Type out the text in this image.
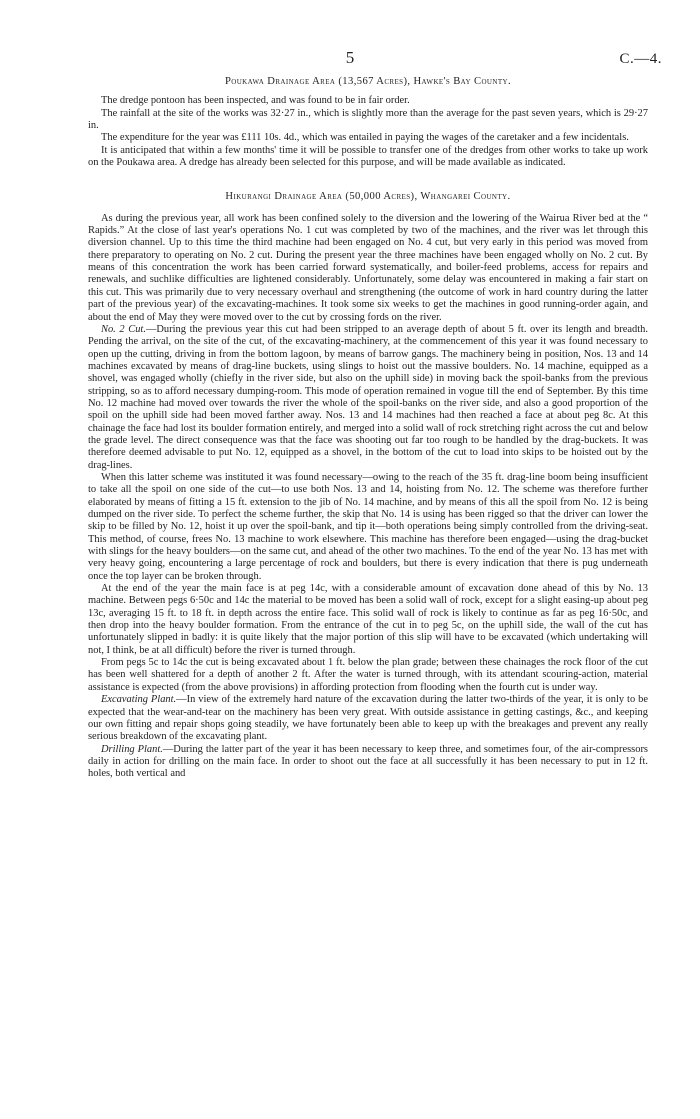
5	C.—4.
Poukawa Drainage Area (13,567 Acres), Hawke's Bay County.

The dredge pontoon has been inspected, and was found to be in fair order.

The rainfall at the site of the works was 32·27 in., which is slightly more than the average for the past seven years, which is 29·27 in.

The expenditure for the year was £111 10s. 4d., which was entailed in paying the wages of the caretaker and a few incidentals.

It is anticipated that within a few months' time it will be possible to transfer one of the dredges from other works to take up work on the Poukawa area. A dredge has already been selected for this purpose, and will be made available as indicated.

Hikurangi Drainage Area (50,000 Acres), Whangarei County.

As during the previous year, all work has been confined solely to the diversion and the lowering of the Wairua River bed at the “ Rapids.” At the close of last year's operations No. 1 cut was completed by two of the machines, and the river was let through this diversion channel. Up to this time the third machine had been engaged on No. 4 cut, but very early in this period was moved from there preparatory to operating on No. 2 cut. During the present year the three machines have been engaged wholly on No. 2 cut. By means of this concentration the work has been carried forward systematically, and boiler-feed problems, access for repairs and renewals, and suchlike difficulties are lightened considerably. Unfortunately, some delay was encountered in making a fair start on this cut. This was primarily due to very necessary overhaul and strengthening (the outcome of work in hard country during the latter part of the previous year) of the excavating-machines. It took some six weeks to get the machines in good running-order again, and about the end of May they were moved over to the cut by crossing fords on the river.

No. 2 Cut.—During the previous year this cut had been stripped to an average depth of about 5 ft. over its length and breadth. Pending the arrival, on the site of the cut, of the excavating-machinery, at the commencement of this year it was found necessary to open up the cutting, driving in from the bottom lagoon, by means of barrow gangs. The machinery being in position, Nos. 13 and 14 machines excavated by means of drag-line buckets, using slings to hoist out the massive boulders. No. 14 machine, equipped as a shovel, was engaged wholly (chiefly in the river side, but also on the uphill side) in moving back the spoil-banks from the previous stripping, so as to afford necessary dumping-room. This mode of operation remained in vogue till the end of September. By this time No. 12 machine had moved over towards the river the whole of the spoil-banks on the river side, and also a good proportion of the spoil on the uphill side had been moved farther away. Nos. 13 and 14 machines had then reached a face at about peg 8c. At this chainage the face had lost its boulder formation entirely, and merged into a solid wall of rock stretching right across the cut and below the grade level. The direct consequence was that the face was shooting out far too rough to be handled by the drag-buckets. It was therefore deemed advisable to put No. 12, equipped as a shovel, in the bottom of the cut to load into skips to be hoisted out by the drag-lines.

When this latter scheme was instituted it was found necessary—owing to the reach of the 35 ft. drag-line boom being insufficient to take all the spoil on one side of the cut—to use both Nos. 13 and 14, hoisting from No. 12. The scheme was therefore further elaborated by means of fitting a 15 ft. extension to the jib of No. 14 machine, and by means of this all the spoil from No. 12 is being dumped on the river side. To perfect the scheme further, the skip that No. 14 is using has been rigged so that the driver can lower the skip to be filled by No. 12, hoist it up over the spoil-bank, and tip it—both operations being simply controlled from the driving-seat. This method, of course, frees No. 13 machine to work elsewhere. This machine has therefore been engaged—using the drag-bucket with slings for the heavy boulders—on the same cut, and ahead of the other two machines. To the end of the year No. 13 has met with very heavy going, encountering a large percentage of rock and boulders, but there is every indication that there is pug underneath once the top layer can be broken through.

At the end of the year the main face is at peg 14c, with a considerable amount of excavation done ahead of this by No. 13 machine. Between pegs 6·50c and 14c the material to be moved has been a solid wall of rock, except for a slight easing-up about peg 13c, averaging 15 ft. to 18 ft. in depth across the entire face. This solid wall of rock is likely to continue as far as peg 16·50c, and then drop into the heavy boulder formation. From the entrance of the cut in to peg 5c, on the uphill side, the wall of the cut has unfortunately slipped in badly: it is quite likely that the major portion of this slip will have to be excavated (which undertaking will not, I think, be at all difficult) before the river is turned through.

From pegs 5c to 14c the cut is being excavated about 1 ft. below the plan grade; between these chainages the rock floor of the cut has been well shattered for a depth of another 2 ft. After the water is turned through, with its attendant scouring-action, material assistance is expected (from the above provisions) in affording protection from flooding when the fourth cut is under way.

Excavating Plant.—In view of the extremely hard nature of the excavation during the latter two-thirds of the year, it is only to be expected that the wear-and-tear on the machinery has been very great. With outside assistance in getting castings, &c., and keeping our own fitting and repair shops going steadily, we have fortunately been able to keep up with the breakages and prevent any really serious breakdown of the excavating plant.

Drilling Plant.—During the latter part of the year it has been necessary to keep three, and sometimes four, of the air-compressors daily in action for drilling on the main face. In order to shoot out the face at all successfully it has been necessary to put in 12 ft. holes, both vertical and
